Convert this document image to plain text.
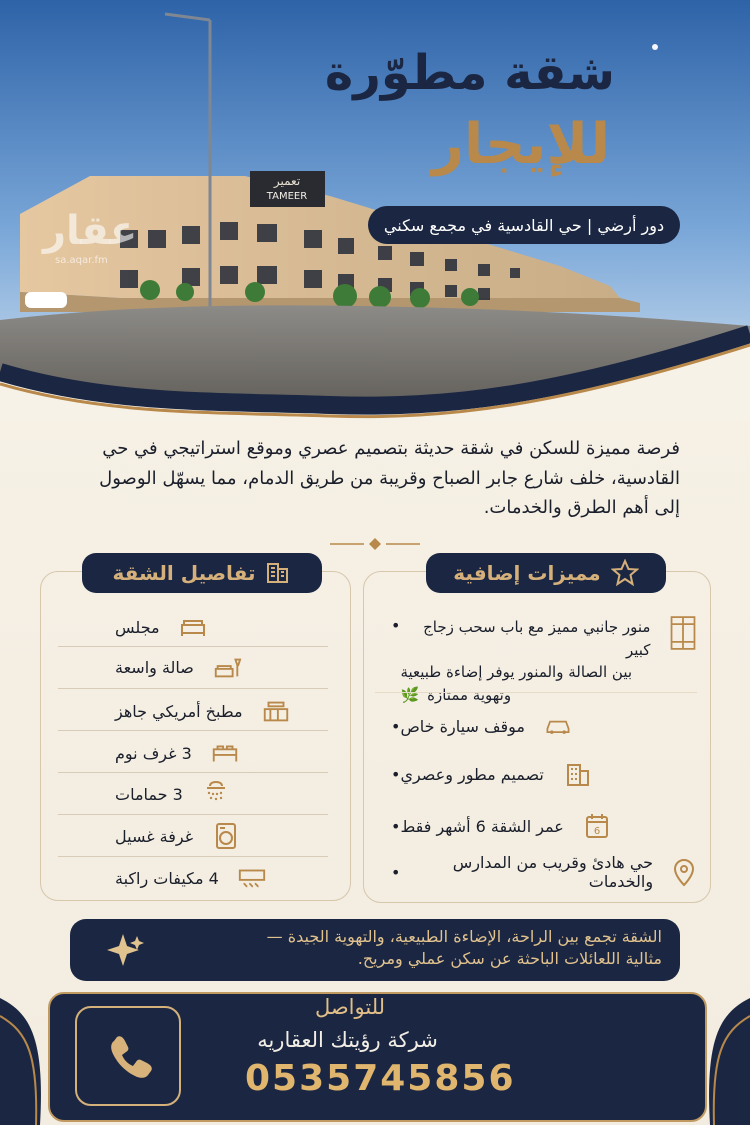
تعمير
TAMEER
شقة مطوّرة
للإيجار
دور أرضي | حي القادسية في مجمع سكني
عقار
sa.aqar.fm
فرصة مميزة للسكن في شقة حديثة بتصميم عصري وموقع استراتيجي في حي القادسية، خلف شارع جابر الصباح وقريبة من طريق الدمام، مما يسهّل الوصول إلى أهم الطرق والخدمات.
تفاصيل الشقة	مميزات إضافية
مجلس
صالة واسعة
مطبخ أمريكي جاهز
3 غرف نوم
3 حمامات
غرفة غسيل
4 مكيفات راكبة
منور جانبي مميز مع باب سحب زجاج كبير
بين الصالة والمنور يوفر إضاءة طبيعية
وتهوية ممتازة
🌿
•
موقف سيارة خاص
•
تصميم مطور وعصري
•
6
عمر الشقة 6 أشهر فقط
•
حي هادئ وقريب من المدارس والخدمات
•
الشقة تجمع بين الراحة، الإضاءة الطبيعية، والتهوية الجيدة —
مثالية اللعائلات الباحثة عن سكن عملي ومريح.
للتواصل
شركة رؤيتك العقاريه
0535745856
